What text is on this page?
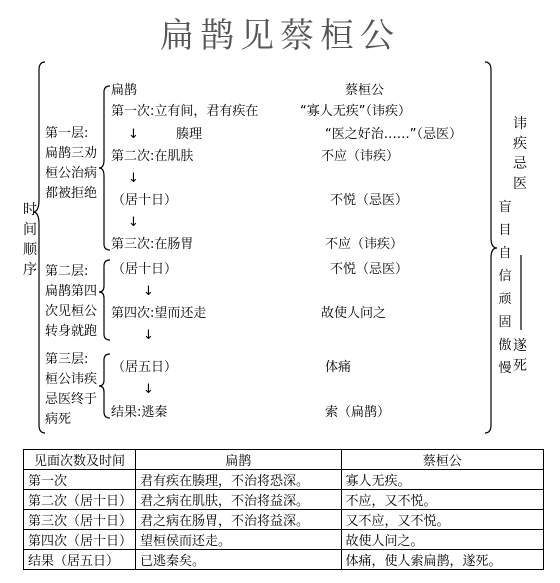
扁鹊见蔡桓公
时间顺序
第一层:扁鹊三劝桓公治病都被拒绝
第二层:扁鹊第四次见桓公转身就跑
第三层:桓公讳疾忌医终于病死
扁鹊	蔡桓公
第一次:立有间，君有疾在	“寡人无疾”（讳疾）
↓	腠理	“医之好治……”（忌医）
第二次:在肌肤	不应（讳疾）
↓
（居十日）	不悦（忌医）
↓
第三次:在肠胃	不应（讳疾）
（居十日）	不悦（忌医）
↓
第四次:望而还走	故使人问之
↓
（居五日）	体痛
↓
结果:逃秦	索（扁鹊）
讳疾忌医
盲目自信顽固傲慢
遂死
见面次数及时间	扁鹊	蔡桓公
第一次	君有疾在腠理，不治将恐深。	寡人无疾。
第二次（居十日）	君之病在肌肤，不治将益深。	不应，又不悦。
第三次（居十日）	君之病在肠胃，不治将益深。	又不应，又不悦。
第四次（居十日）	望桓侯而还走。	故使人问之。
结果（居五日）	已逃秦矣。	体痛，使人索扁鹊，遂死。
